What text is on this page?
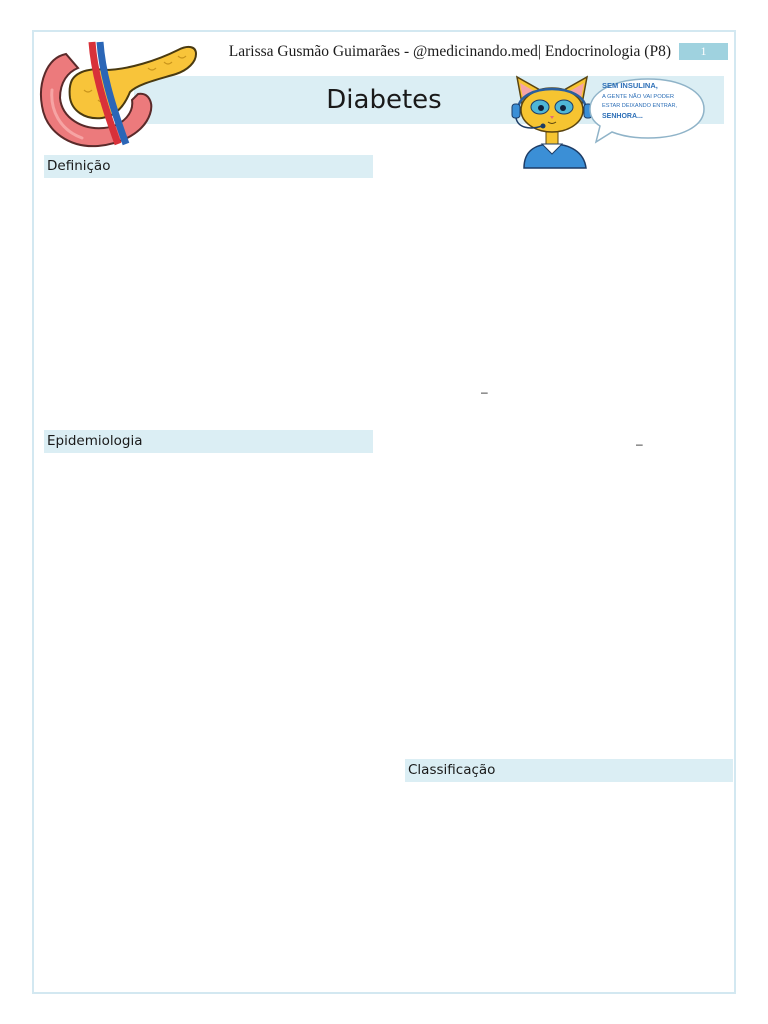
Larissa Gusmão Guimarães - @medicinando.med| Endocrinologia (P8)	1
Diabetes	SEM INSULINA,
A GENTE NÃO VAI PODER
ESTAR DEIXANDO ENTRAR,
SENHORA...
Definição
Epidemiologia
Classificação
–
–
